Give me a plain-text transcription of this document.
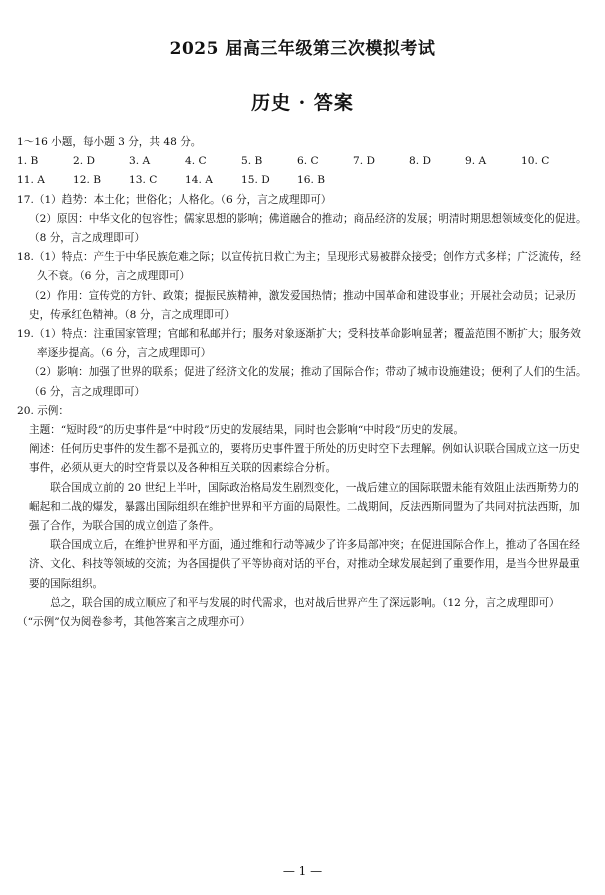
2025 届高三年级第三次模拟考试
历史 · 答案

1～16 小题，每小题 3 分，共 48 分。

1. B	2. D	3. A	4. C	5. B	6. C	7. D	8. D	9. A	10. C
11. A	12. B	13. C	14. A	15. D	16. B

17.（1）趋势：本土化；世俗化；人格化。（6 分，言之成理即可）

（2）原因：中华文化的包容性；儒家思想的影响；佛道融合的推动；商品经济的发展；明清时期思想领域变化的促进。（8 分，言之成理即可）

18.（1）特点：产生于中华民族危难之际；以宣传抗日救亡为主；呈现形式易被群众接受；创作方式多样；广泛流传，经久不衰。（6 分，言之成理即可）

（2）作用：宣传党的方针、政策；提振民族精神，激发爱国热情；推动中国革命和建设事业；开展社会动员；记录历史，传承红色精神。（8 分，言之成理即可）

19.（1）特点：注重国家管理；官邮和私邮并行；服务对象逐渐扩大；受科技革命影响显著；覆盖范围不断扩大；服务效率逐步提高。（6 分，言之成理即可）

（2）影响：加强了世界的联系；促进了经济文化的发展；推动了国际合作；带动了城市设施建设；便利了人们的生活。（6 分，言之成理即可）

20. 示例：

主题：“短时段”的历史事件是“中时段”历史的发展结果，同时也会影响“中时段”历史的发展。

阐述：任何历史事件的发生都不是孤立的，要将历史事件置于所处的历史时空下去理解。例如认识联合国成立这一历史事件，必须从更大的时空背景以及各种相互关联的因素综合分析。

联合国成立前的 20 世纪上半叶，国际政治格局发生剧烈变化，一战后建立的国际联盟未能有效阻止法西斯势力的崛起和二战的爆发，暴露出国际组织在维护世界和平方面的局限性。二战期间，反法西斯同盟为了共同对抗法西斯，加强了合作，为联合国的成立创造了条件。

联合国成立后，在维护世界和平方面，通过维和行动等减少了许多局部冲突；在促进国际合作上，推动了各国在经济、文化、科技等领域的交流；为各国提供了平等协商对话的平台，对推动全球发展起到了重要作用，是当今世界最重要的国际组织。

总之，联合国的成立顺应了和平与发展的时代需求，也对战后世界产生了深远影响。（12 分，言之成理即可）

（“示例”仅为阅卷参考，其他答案言之成理亦可）

— 1 —
